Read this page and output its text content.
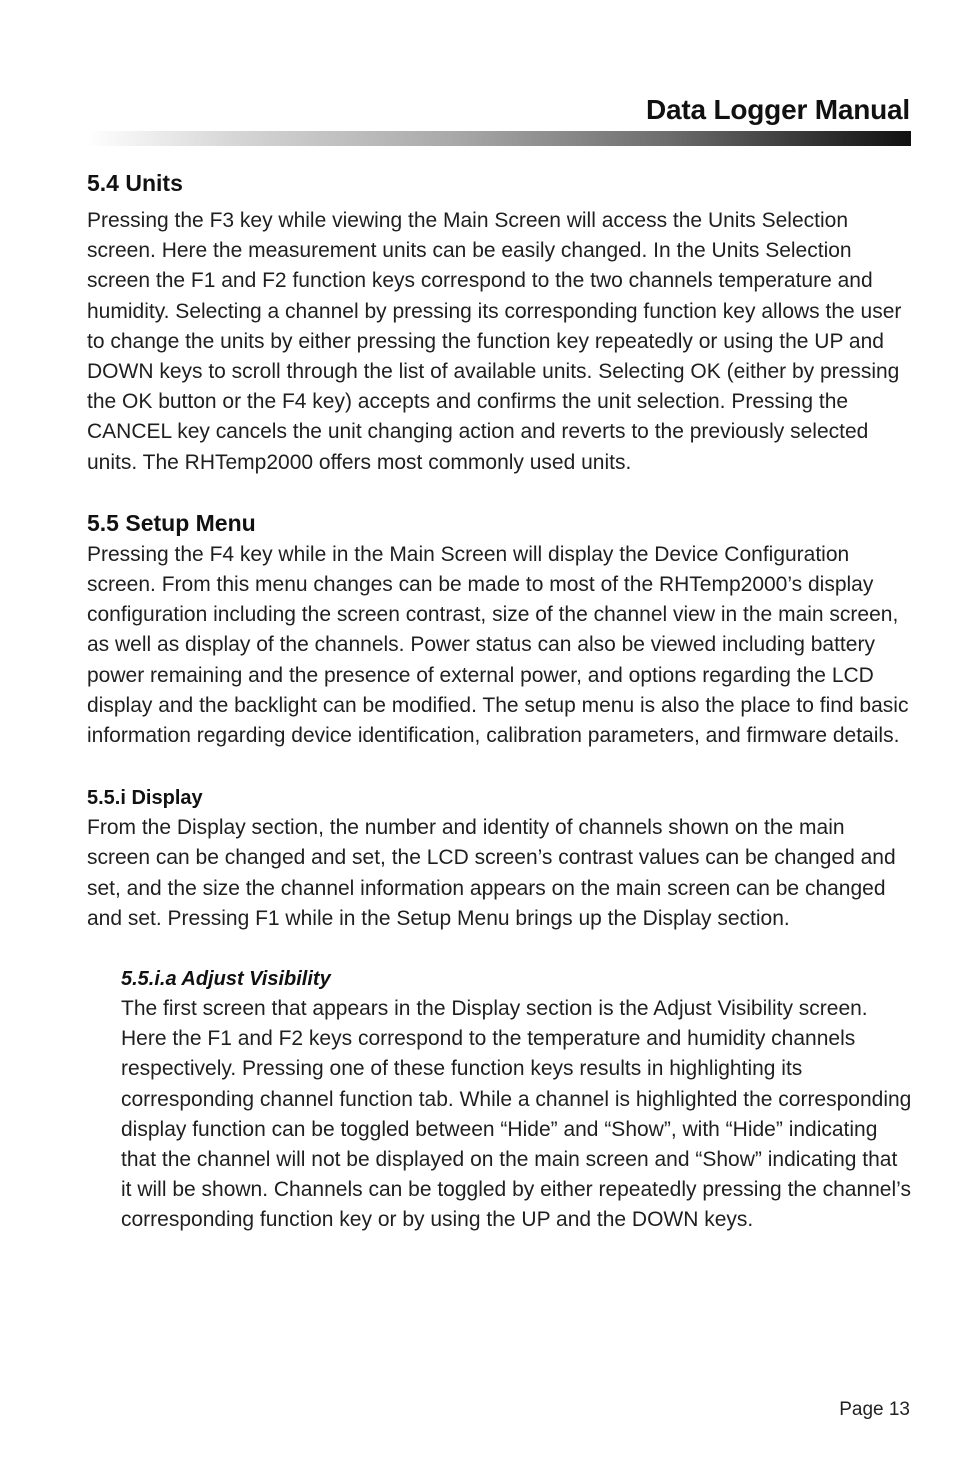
Data Logger Manual
5.4 Units

Pressing the F3 key while viewing the Main Screen will access the Units Selection screen. Here the measurement units can be easily changed. In the Units Selection screen the F1 and F2 function keys correspond to the two channels temperature and humidity. Selecting a channel by pressing its corresponding function key allows the user to change the units by either pressing the function key repeatedly or using the UP and DOWN keys to scroll through the list of available units. Selecting OK (either by pressing the OK button or the F4 key) accepts and confirms the unit selection. Pressing the CANCEL key cancels the unit changing action and reverts to the previously selected units. The RHTemp2000 offers most commonly used units.

5.5 Setup Menu

Pressing the F4 key while in the Main Screen will display the Device Configuration screen. From this menu changes can be made to most of the RHTemp2000’s display configuration including the screen contrast, size of the channel view in the main screen, as well as display of the channels. Power status can also be viewed including battery power remaining and the presence of external power, and options regarding the LCD display and the backlight can be modified. The setup menu is also the place to find basic information regarding device identification, calibration parameters, and firmware details.

5.5.i Display

From the Display section, the number and identity of channels shown on the main screen can be changed and set, the LCD screen’s contrast values can be changed and set, and the size the channel information appears on the main screen can be changed and set. Pressing F1 while in the Setup Menu brings up the Display section.

5.5.i.a Adjust Visibility

The first screen that appears in the Display section is the Adjust Visibility screen. Here the F1 and F2 keys correspond to the temperature and humidity channels respectively. Pressing one of these function keys results in highlighting its corresponding channel function tab. While a channel is highlighted the corresponding display function can be toggled between “Hide” and “Show”, with “Hide” indicating that the channel will not be displayed on the main screen and “Show” indicating that it will be shown. Channels can be toggled by either repeatedly pressing the channel’s corresponding function key or by using the UP and the DOWN keys.

Page 13
